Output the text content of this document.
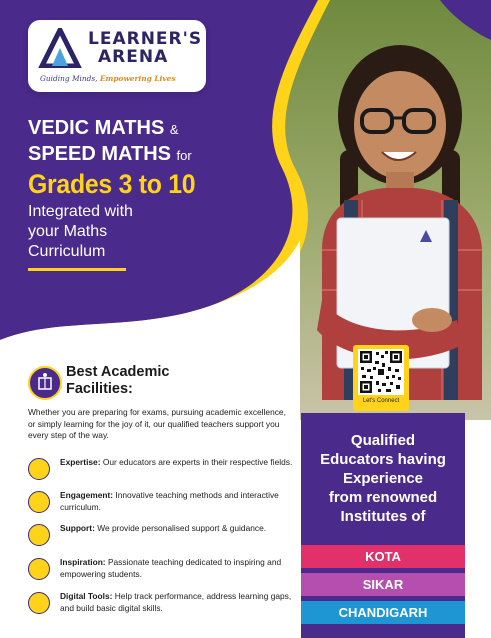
LEARNER'S
ARENA
Guiding Minds, Empowering Lives
VEDIC MATHS &
SPEED MATHS for
Grades 3 to 10
Integrated with
your Maths
Curriculum
Let's Connect
Best Academic
Facilities:
Whether you are preparing for exams, pursuing academic excellence, or simply learning for the joy of it, our qualified teachers support you every step of the way.
Expertise: Our educators are experts in their respective fields.
Engagement: Innovative teaching methods and interactive curriculum.
Support: We provide personalised support & guidance.
Inspiration: Passionate teaching dedicated to inspiring and empowering students.
Digital Tools: Help track performance, address learning gaps, and build basic digital skills.
Qualified
Educators having
Experience
from renowned
Institutes of
KOTA
SIKAR
CHANDIGARH
